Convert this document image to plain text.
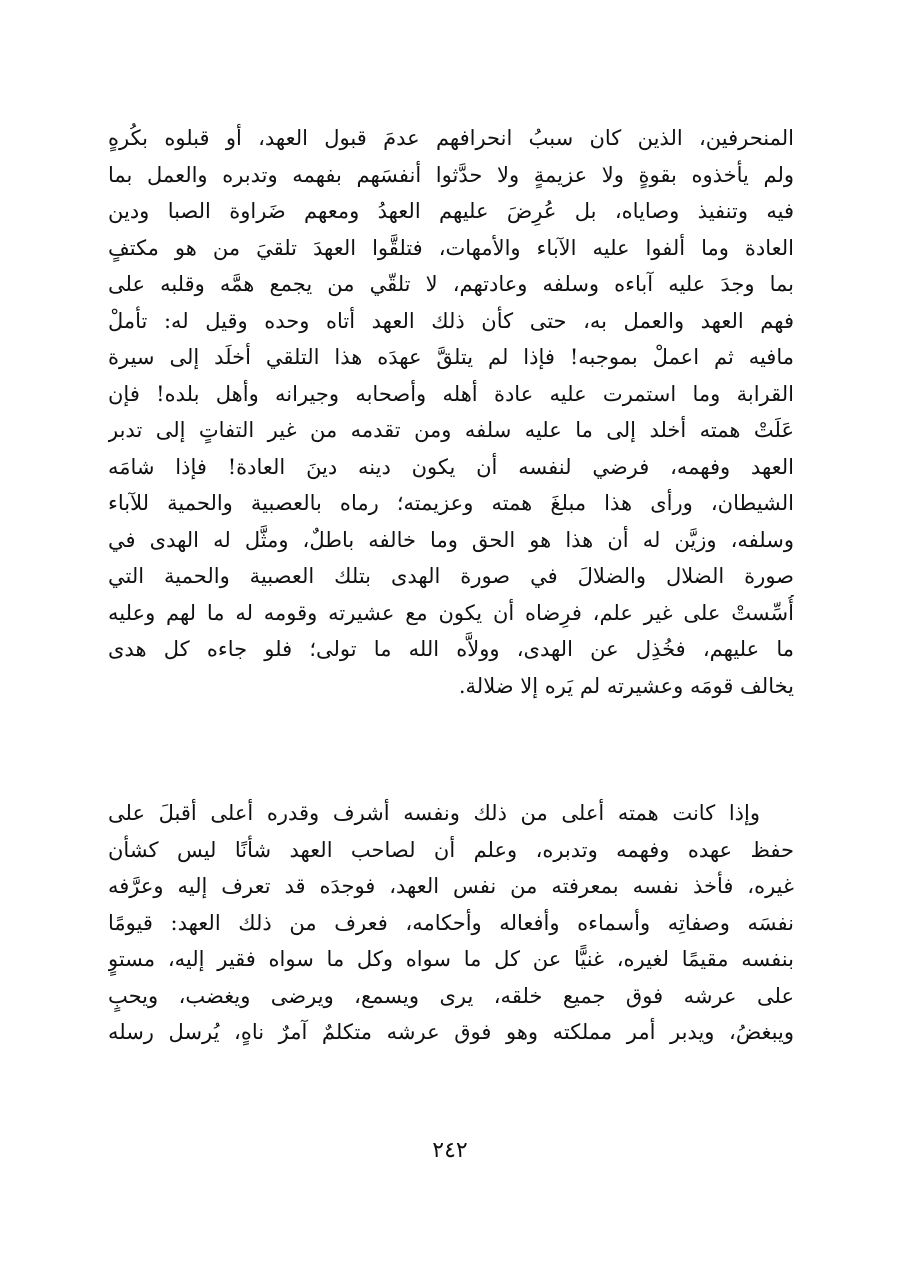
المنحرفين، الذين كان سببُ انحرافهم عدمَ قبول العهد، أو قبلوه بكُرهٍ
ولم يأخذوه بقوةٍ ولا عزيمةٍ ولا حدَّثوا أنفسَهم بفهمه وتدبره والعمل بما
فيه وتنفيذ وصاياه، بل عُرِضَ عليهم العهدُ ومعهم ضَراوة الصبا ودين
العادة وما ألفوا عليه الآباء والأمهات، فتلقَّوا العهدَ تلقيَ من هو مكتفٍ
بما وجدَ عليه آباءه وسلفه وعادتهم، لا تلقّي من يجمع همَّه وقلبه على
فهم العهد والعمل به، حتى كأن ذلك العهد أتاه وحده وقيل له: تأملْ
مافيه ثم اعملْ بموجبه! فإذا لم يتلقَّ عهدَه هذا التلقي أخلَد إلى سيرة
القرابة وما استمرت عليه عادة أهله وأصحابه وجيرانه وأهل بلده! فإن
عَلَتْ همته أخلد إلى ما عليه سلفه ومن تقدمه من غير التفاتٍ إلى تدبر
العهد وفهمه، فرضي لنفسه أن يكون دينه دينَ العادة! فإذا شامَه
الشيطان، ورأى هذا مبلغَ همته وعزيمته؛ رماه بالعصبية والحمية للآباء
وسلفه، وزيَّن له أن هذا هو الحق وما خالفه باطلٌ، ومثَّل له الهدى في
صورة الضلال والضلالَ في صورة الهدى بتلك العصبية والحمية التي
أُسِّستْ على غير علم، فرِضاه أن يكون مع عشيرته وقومه له ما لهم وعليه
ما عليهم، فخُذِل عن الهدى، وولاَّه الله ما تولى؛ فلو جاءه كل هدى
يخالف قومَه وعشيرته لم يَره إلا ضلالة.
وإذا كانت همته أعلى من ذلك ونفسه أشرف وقدره أعلى أقبلَ على
حفظ عهده وفهمه وتدبره، وعلم أن لصاحب العهد شأنًا ليس كشأن
غيره، فأخذ نفسه بمعرفته من نفس العهد، فوجدَه قد تعرف إليه وعرَّفه
نفسَه وصفاتِه وأسماءه وأفعاله وأحكامه، فعرف من ذلك العهد: قيومًا
بنفسه مقيمًا لغيره، غنيًّا عن كل ما سواه وكل ما سواه فقير إليه، مستوٍ
على عرشه فوق جميع خلقه، يرى ويسمع، ويرضى ويغضب، ويحبٍ
ويبغضُ، ويدبر أمر مملكته وهو فوق عرشه متكلمٌ آمرٌ ناهٍ، يُرسل رسله
٢٤٢
